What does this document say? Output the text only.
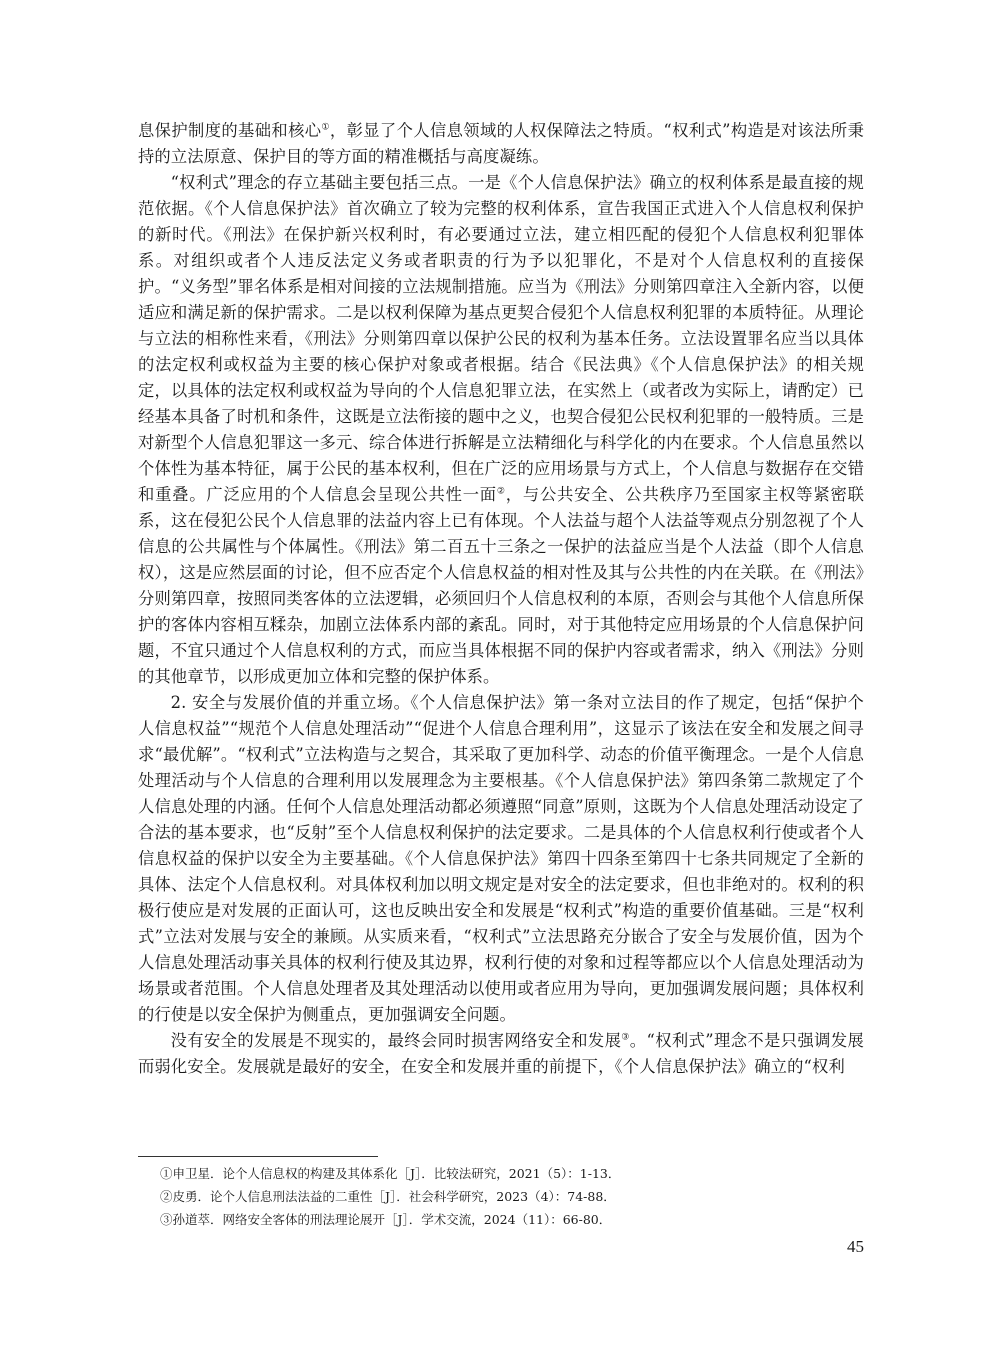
息保护制度的基础和核心①，彰显了个人信息领域的人权保障法之特质。“权利式”构造是对该法所秉持的立法原意、保护目的等方面的精准概括与高度凝练。

“权利式”理念的存立基础主要包括三点。一是《个人信息保护法》确立的权利体系是最直接的规范依据。《个人信息保护法》首次确立了较为完整的权利体系，宣告我国正式进入个人信息权利保护的新时代。《刑法》在保护新兴权利时，有必要通过立法，建立相匹配的侵犯个人信息权利犯罪体系。对组织或者个人违反法定义务或者职责的行为予以犯罪化，不是对个人信息权利的直接保护。“义务型”罪名体系是相对间接的立法规制措施。应当为《刑法》分则第四章注入全新内容，以便适应和满足新的保护需求。二是以权利保障为基点更契合侵犯个人信息权利犯罪的本质特征。从理论与立法的相称性来看，《刑法》分则第四章以保护公民的权利为基本任务。立法设置罪名应当以具体的法定权利或权益为主要的核心保护对象或者根据。结合《民法典》《个人信息保护法》的相关规定，以具体的法定权利或权益为导向的个人信息犯罪立法，在实然上（或者改为实际上，请酌定）已经基本具备了时机和条件，这既是立法衔接的题中之义，也契合侵犯公民权利犯罪的一般特质。三是对新型个人信息犯罪这一多元、综合体进行拆解是立法精细化与科学化的内在要求。个人信息虽然以个体性为基本特征，属于公民的基本权利，但在广泛的应用场景与方式上，个人信息与数据存在交错和重叠。广泛应用的个人信息会呈现公共性一面②，与公共安全、公共秩序乃至国家主权等紧密联系，这在侵犯公民个人信息罪的法益内容上已有体现。个人法益与超个人法益等观点分别忽视了个人信息的公共属性与个体属性。《刑法》第二百五十三条之一保护的法益应当是个人法益（即个人信息权），这是应然层面的讨论，但不应否定个人信息权益的相对性及其与公共性的内在关联。在《刑法》分则第四章，按照同类客体的立法逻辑，必须回归个人信息权利的本原，否则会与其他个人信息所保护的客体内容相互糅杂，加剧立法体系内部的紊乱。同时，对于其他特定应用场景的个人信息保护问题，不宜只通过个人信息权利的方式，而应当具体根据不同的保护内容或者需求，纳入《刑法》分则的其他章节，以形成更加立体和完整的保护体系。

2. 安全与发展价值的并重立场。《个人信息保护法》第一条对立法目的作了规定，包括“保护个人信息权益”“规范个人信息处理活动”“促进个人信息合理利用”，这显示了该法在安全和发展之间寻求“最优解”。“权利式”立法构造与之契合，其采取了更加科学、动态的价值平衡理念。一是个人信息处理活动与个人信息的合理利用以发展理念为主要根基。《个人信息保护法》第四条第二款规定了个人信息处理的内涵。任何个人信息处理活动都必须遵照“同意”原则，这既为个人信息处理活动设定了合法的基本要求，也“反射”至个人信息权利保护的法定要求。二是具体的个人信息权利行使或者个人信息权益的保护以安全为主要基础。《个人信息保护法》第四十四条至第四十七条共同规定了全新的具体、法定个人信息权利。对具体权利加以明文规定是对安全的法定要求，但也非绝对的。权利的积极行使应是对发展的正面认可，这也反映出安全和发展是“权利式”构造的重要价值基础。三是“权利式”立法对发展与安全的兼顾。从实质来看，“权利式”立法思路充分嵌合了安全与发展价值，因为个人信息处理活动事关具体的权利行使及其边界，权利行使的对象和过程等都应以个人信息处理活动为场景或者范围。个人信息处理者及其处理活动以使用或者应用为导向，更加强调发展问题；具体权利的行使是以安全保护为侧重点，更加强调安全问题。

没有安全的发展是不现实的，最终会同时损害网络安全和发展③。“权利式”理念不是只强调发展而弱化安全。发展就是最好的安全，在安全和发展并重的前提下，《个人信息保护法》确立的“权利

①申卫星．论个人信息权的构建及其体系化［J］．比较法研究，2021（5）：1-13．

②皮勇．论个人信息刑法法益的二重性［J］．社会科学研究，2023（4）：74-88．

③孙道萃．网络安全客体的刑法理论展开［J］．学术交流，2024（11）：66-80．

45
